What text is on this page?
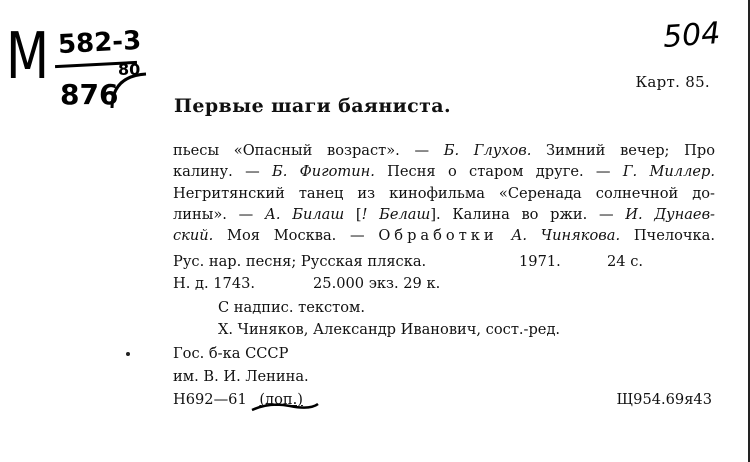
M 582-3
876
80
504
Карт. 85.
Первые шаги баяниста.
пьесы «Опасный возраст». — Б. Глухов. Зимний вечер; Про
калину. — Б. Фиготин. Песня о старом друге. — Г. Миллер.
Негритянский танец из кинофильма «Серенада солнечной до-
лины». — А. Билаш [! Белаш]. Калина во ржи. — И. Дунаев-
ский. Моя Москва. — Обработки А. Чинякова. Пчелочка.
Рус. нар. песня; Русская пляска.	1971.	24 с.
Н. д. 1743.	25.000 экз. 29 к.
С надпис. текстом.
Х. Чиняков, Александр Иванович, сост.-ред.
Гос. б-ка СССР
им. В. И. Ленина.
Н692—61 (доп.)	Щ954.69я43
